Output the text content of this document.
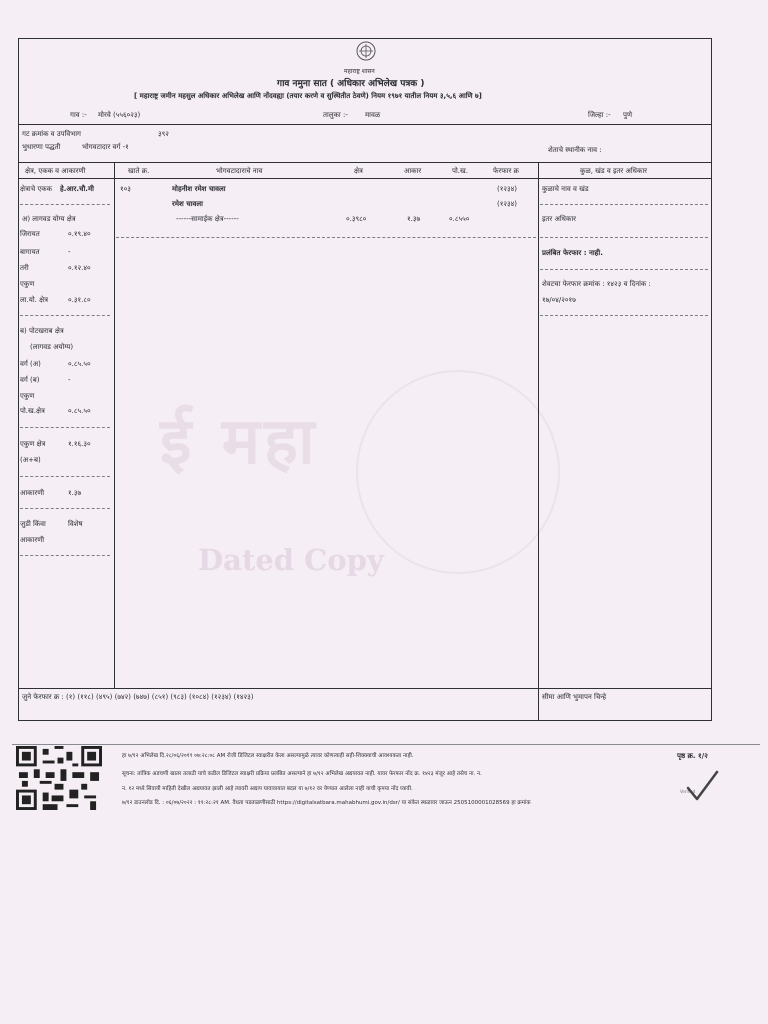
ई महा
Dated Copy
महाराष्ट्र शासन
गाव नमुना सात ( अधिकार अभिलेख पत्रक )
[ महाराष्ट्र जमीन महसुल अधिकार अभिलेख आणि नोंदवह्या (तयार करणे व सुस्थितीत ठेवणे) नियम १९७१ यातील नियम ३,५,६ आणि ७]
गाव :- मोरवे (५५६०२३)	तालुका :- मावळ	जिल्हा :- पुणे
गट क्रमांक व उपविभाग	३९२
भुधारणा पद्धती	भोगवटादार वर्ग -१	शेताचे स्थानीक नाव :
क्षेत्र, एकक व आकारणी	खाते क्र.	भोगवटादाराचे नाव	क्षेत्र	आकार	पो.ख.	फेरफार क्र	कुळ, खंड व इतर अधिकार
१०३	मोहनीश रमेश चावला	(१२३४)
रमेश चावला	(१२३४)
------सामाईक क्षेत्र------	०.३९८०	१.३७	०.८५५०
क्षेत्राचे एकक हे.आर.चौ.मी
अ) लागवड योग्य क्षेत्र
जिरायत	०.१९.४०
बागायत	-
तरी	०.१२.४०
एकुण
ला.यो. क्षेत्र	०.३१.८०
ब) पोटखराब क्षेत्र
(लागवड अयोग्य)
वर्ग (अ)	०.८५.५०
वर्ग (ब)	-
एकुण
पो.ख.क्षेत्र	०.८५.५०
एकुण क्षेत्र	१.१६.३०
(अ+ब)
आकारणी	१.३७
जुडी किंवा	विशेष
आकारणी
कुळाचे नाव व खंड
इतर अधिकार
प्रलंबित फेरफार : नाही.
शेवटचा फेरफार क्रमांक : १४२३ व दिनांक :
१७/०४/२०१७
जुने फेरफार क्र : (१) (११८) (४९५) (७४२) (७४७) (८५१) (९८३) (१०८४) (१२३४) (१४२३)	सीमा आणि भुमापन चिन्हे
हा ७/१२ अभिलेख दि.२८/०६/२०१९ ०७:२८:०८ AM रोजी डिजिटल स्वाक्षरीत केला असल्यामुळे त्यावर कोणत्याही सही-शिक्क्याची आवश्यकता नाही.	पृष्ठ क्र. १/२
सूचना: तांत्रिक अडचणी खातर तलाठी याचे कडील डिजिटल स्वाक्षरी प्रक्रिया प्रलंबित असल्याने हा ७/१२ अभिलेख अद्ययावत नाही. यावर फेरफार नोंद क्र. १४२३ मंजूर आहे तसेच ना. न.
न. १२ मध्ये सिवायी माहिती देखील अद्ययावत झाली आहे त्यावरी अद्याप यावावायात बदल या ७/१२ वर येण्यात आलेला नाही याची कृपया नोंद घ्यावी.
७/१२ डाउनलोड दि. : ०६/०७/२०२२ : ११:२८:२१ AM. वैधता पडताळणीसाठी https://digitalsatbara.mahabhumi.gov.in/dsr/ या संकेत स्थळावर जाऊन 2505100001028569 हा क्रमांक
Verified
